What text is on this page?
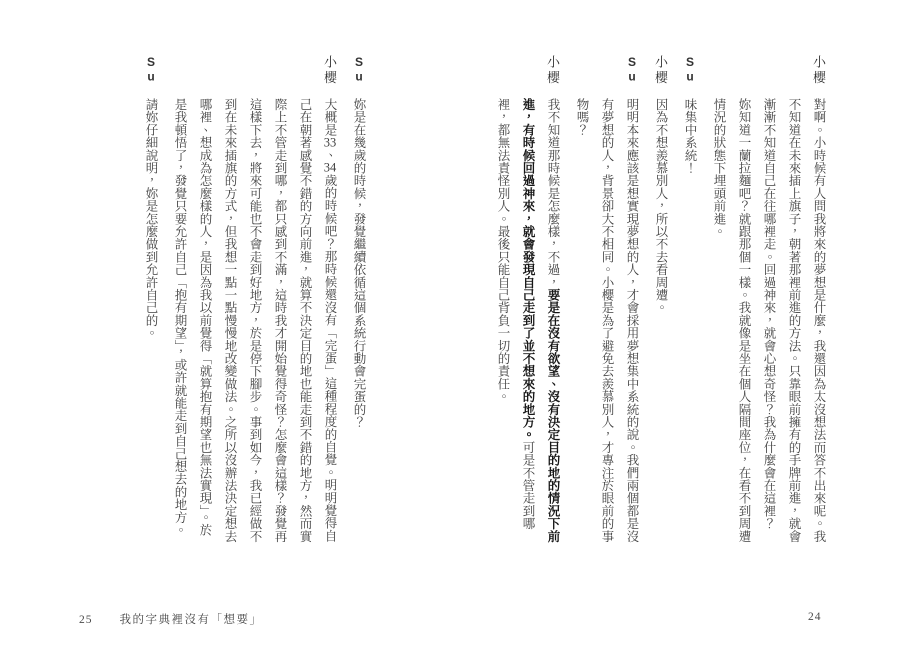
小櫻

對啊。小時候有人問我將來的夢想是什麼，我還因為太沒想法而答不出來呢。我不知道在未來插上旗子，朝著那裡前進的方法。只靠眼前擁有的手牌前進，就會漸漸不知道自己在往哪裡走。回過神來，就會心想奇怪？我為什麼會在這裡？

妳知道一蘭拉麵吧？就跟那個一樣。我就像是坐在個人隔間座位，在看不到周遭情況的狀態下埋頭前進。

Su

味集中系統！

小櫻

因為不想羨慕別人，所以不去看周遭。

Su

明明本來應該是想實現夢想的人，才會採用夢想集中系統的說。我們兩個都是沒有夢想的人，背景卻大不相同。小櫻是為了避免去羨慕別人，才專注於眼前的事物嗎？

小櫻

我不知道那時候是怎麼樣，不過，要是在沒有欲望、沒有決定目的地的情況下前進，有時候回過神來，就會發現自己走到了並不想來的地方。可是不管走到哪裡，都無法責怪別人。最後只能自己背負一切的責任。

24
Su

妳是在幾歲的時候，發覺繼續依循這個系統行動會完蛋的？

小櫻

大概是33、34歲的時候吧？那時候還沒有「完蛋」這種程度的自覺。明明覺得自己在朝著感覺不錯的方向前進，就算不決定目的地也能走到不錯的地方，然而實際上不管走到哪，都只感到不滿，這時我才開始覺得奇怪？怎麼會這樣？發覺再這樣下去，將來可能也不會走到好地方，於是停下腳步。事到如今，我已經做不到在未來插旗的方式，但我想一點一點慢慢地改變做法。之所以沒辦法決定想去哪裡、想成為怎麼樣的人，是因為我以前覺得「就算抱有期望也無法實現」。於是我頓悟了，發覺只要允許自己「抱有期望」，或許就能走到自己想去的地方。

Su

請妳仔細說明，妳是怎麼做到允許自己的。

25 我的字典裡沒有「想要」
